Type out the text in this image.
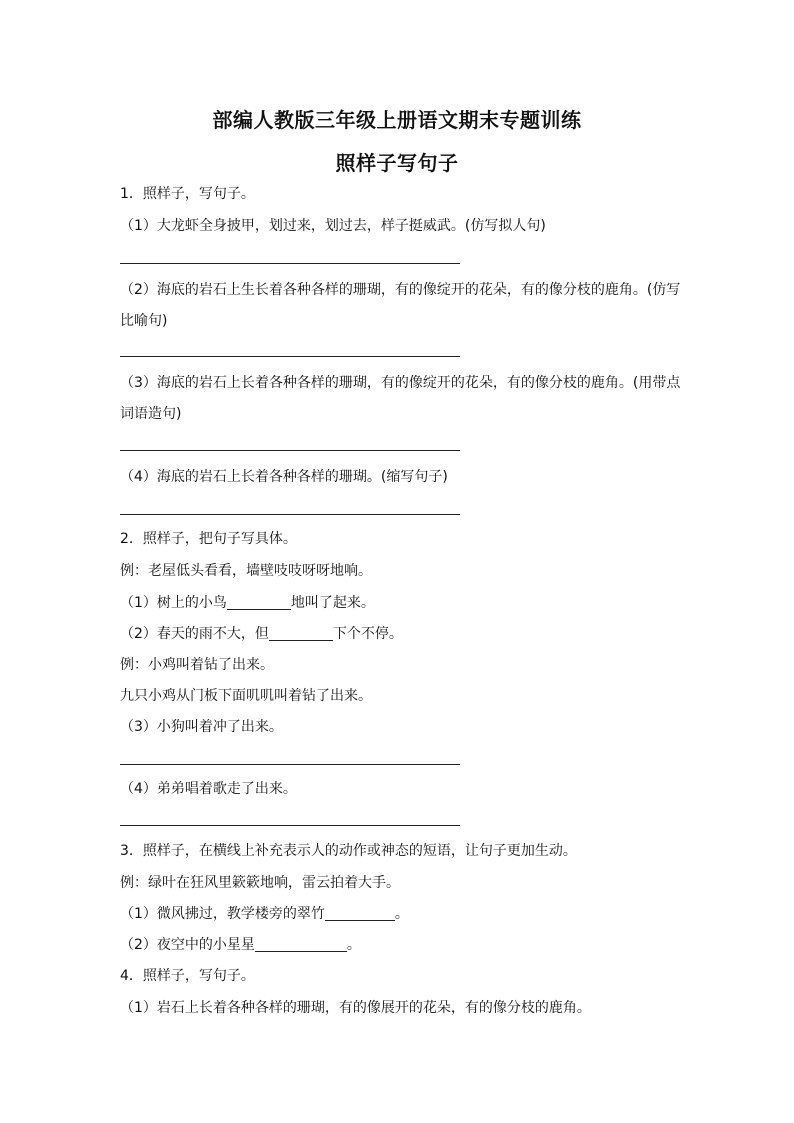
部编人教版三年级上册语文期末专题训练
照样子写句子
1．照样子，写句子。
（1）大龙虾全身披甲，划过来，划过去，样子挺威武。(仿写拟人句)
（2）海底的岩石上生长着各种各样的珊瑚，有的像绽开的花朵，有的像分枝的鹿角。(仿写
比喻句)
（3）海底的岩石上长着各种各样的珊瑚，有的像绽开的花朵，有的像分枝的鹿角。(用带点
词语造句)
（4）海底的岩石上长着各种各样的珊瑚。(缩写句子)
2．照样子，把句子写具体。
例：老屋低头看看，墙壁吱吱呀呀地响。
（1）树上的小鸟	地叫了起来。
（2）春天的雨不大，但	下个不停。
例：小鸡叫着钻了出来。
九只小鸡从门板下面叽叽叫着钻了出来。
（3）小狗叫着冲了出来。
（4）弟弟唱着歌走了出来。
3．照样子，在横线上补充表示人的动作或神态的短语，让句子更加生动。
例：绿叶在狂风里簌簌地响，雷云拍着大手。
（1）微风拂过，教学楼旁的翠竹	。
（2）夜空中的小星星	。
4．照样子，写句子。
（1）岩石上长着各种各样的珊瑚，有的像展开的花朵，有的像分枝的鹿角。
